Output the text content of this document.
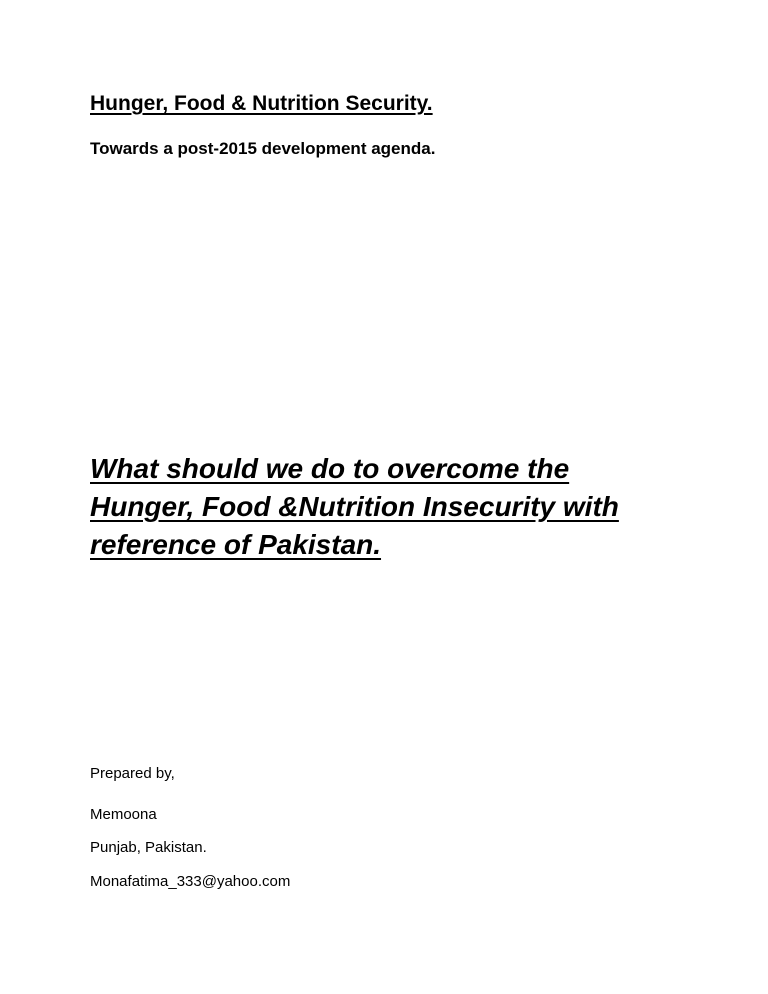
Hunger, Food & Nutrition Security.
Towards a post-2015 development agenda.
What should we do to overcome the
Hunger, Food &Nutrition Insecurity with
reference of Pakistan.
Prepared by,
Memoona
Punjab, Pakistan.
Monafatima_333@yahoo.com
